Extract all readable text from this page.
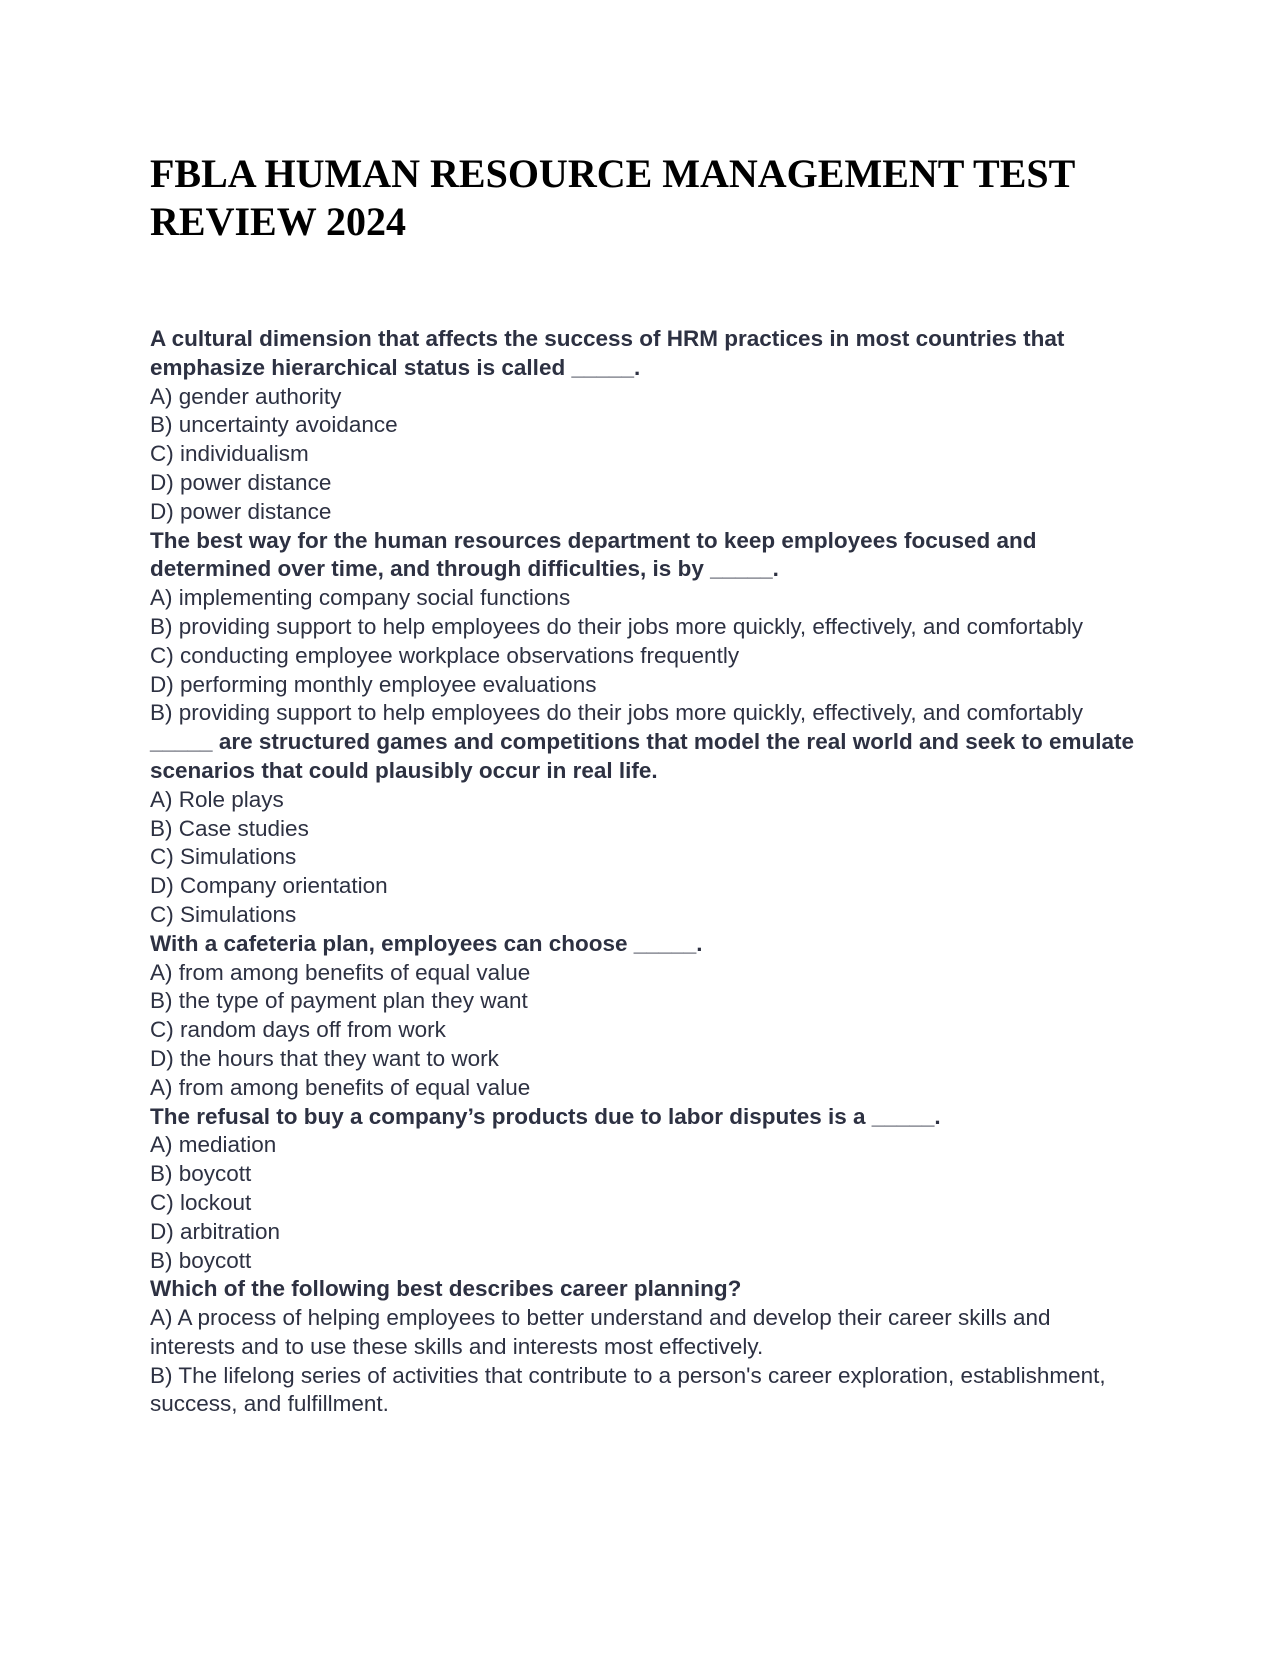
FBLA HUMAN RESOURCE MANAGEMENT TEST REVIEW 2024
A cultural dimension that affects the success of HRM practices in most countries that emphasize hierarchical status is called _____.
A) gender authority
B) uncertainty avoidance
C) individualism
D) power distance
D) power distance
The best way for the human resources department to keep employees focused and determined over time, and through difficulties, is by _____.
A) implementing company social functions
B) providing support to help employees do their jobs more quickly, effectively, and comfortably
C) conducting employee workplace observations frequently
D) performing monthly employee evaluations
B) providing support to help employees do their jobs more quickly, effectively, and comfortably
_____ are structured games and competitions that model the real world and seek to emulate scenarios that could plausibly occur in real life.
A) Role plays
B) Case studies
C) Simulations
D) Company orientation
C) Simulations
With a cafeteria plan, employees can choose _____.
A) from among benefits of equal value
B) the type of payment plan they want
C) random days off from work
D) the hours that they want to work
A) from among benefits of equal value
The refusal to buy a company’s products due to labor disputes is a _____.
A) mediation
B) boycott
C) lockout
D) arbitration
B) boycott
Which of the following best describes career planning?
A) A process of helping employees to better understand and develop their career skills and interests and to use these skills and interests most effectively.
B) The lifelong series of activities that contribute to a person's career exploration, establishment, success, and fulfillment.
